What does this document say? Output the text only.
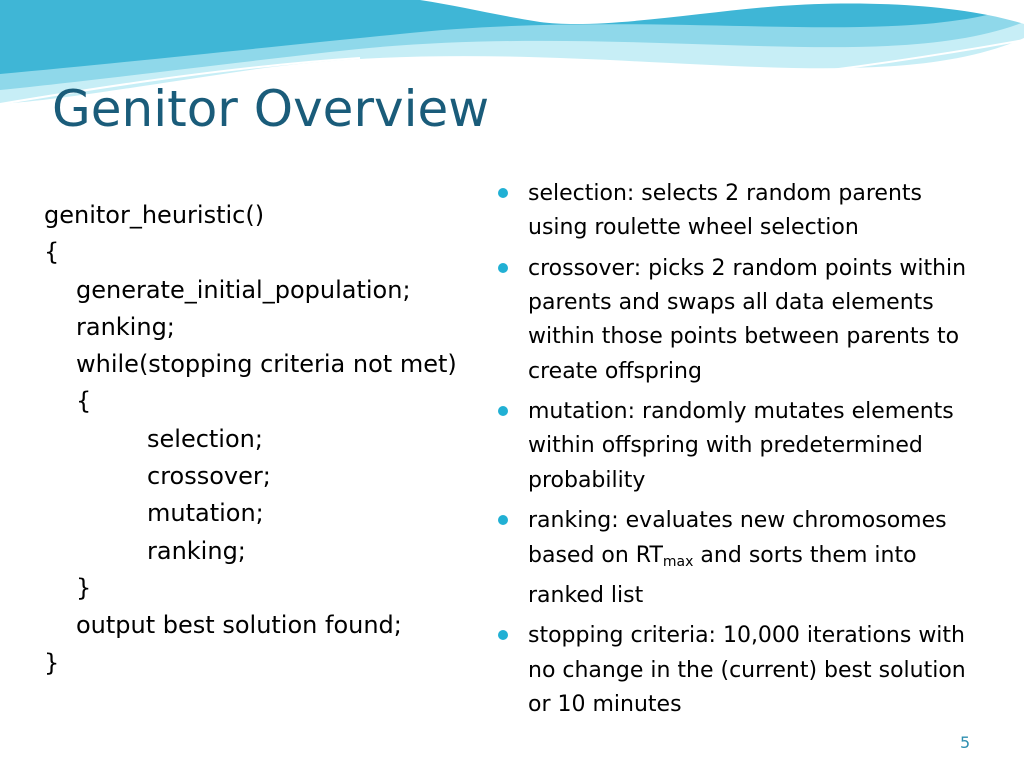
Genitor Overview
genitor_heuristic()
{
generate_initial_population;
ranking;
while(stopping criteria not met)
{
selection;
crossover;
mutation;
ranking;
}
output best solution found;
}
selection: selects 2 random parents using roulette wheel selection
crossover: picks 2 random points within parents and swaps all data elements within those points between parents to create offspring
mutation: randomly mutates elements within offspring with predetermined probability
ranking: evaluates new chromosomes based on $RT_{max}$ and sorts them into ranked list
stopping criteria: 10,000 iterations with no change in the (current) best solution or 10 minutes
5
